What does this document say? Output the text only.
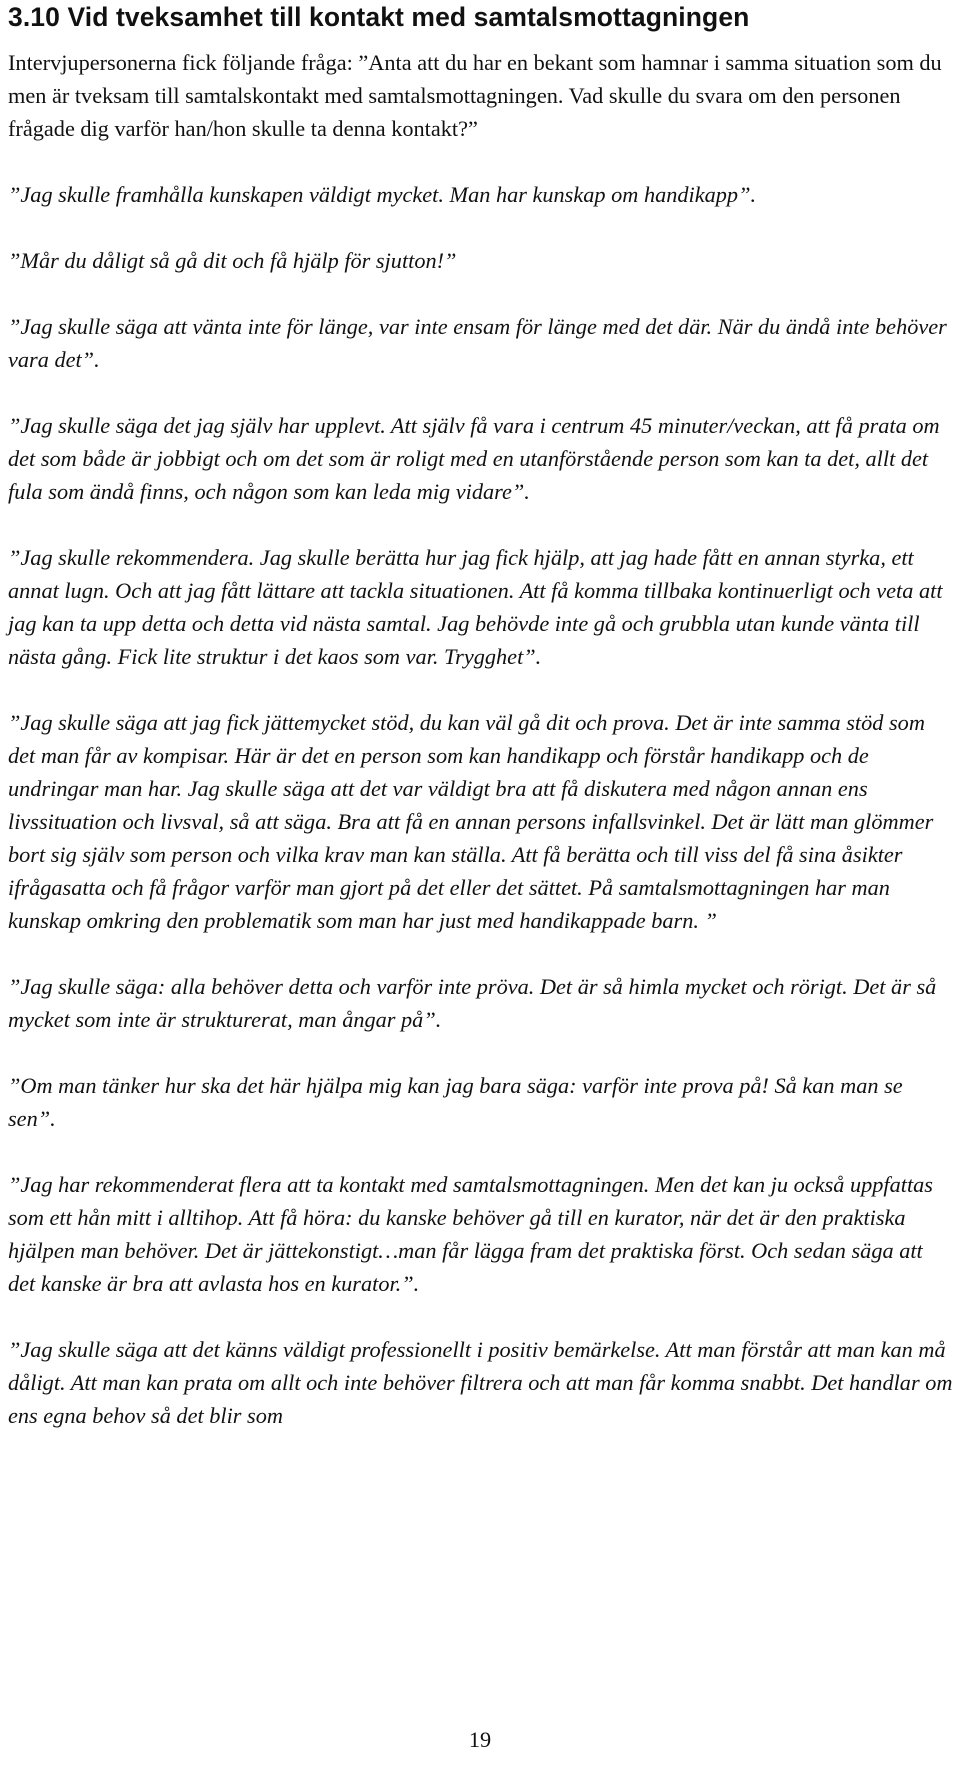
3.10 Vid tveksamhet till kontakt med samtalsmottagningen

Intervjupersonerna fick följande fråga: ”Anta att du har en bekant som hamnar i samma situation som du men är tveksam till samtalskontakt med samtalsmottagningen. Vad skulle du svara om den personen frågade dig varför han/hon skulle ta denna kontakt?”

”Jag skulle framhålla kunskapen väldigt mycket. Man har kunskap om handikapp”.

”Mår du dåligt så gå dit och få hjälp för sjutton!”

”Jag skulle säga att vänta inte för länge, var inte ensam för länge med det där. När du ändå inte behöver vara det”.

”Jag skulle säga det jag själv har upplevt. Att själv få vara i centrum 45 minuter/veckan, att få prata om det som både är jobbigt och om det som är roligt med en utanförstående person som kan ta det, allt det fula som ändå finns, och någon som kan leda mig vidare”.

”Jag skulle rekommendera. Jag skulle berätta hur jag fick hjälp, att jag hade fått en annan styrka, ett annat lugn. Och att jag fått lättare att tackla situationen. Att få komma tillbaka kontinuerligt och veta att jag kan ta upp detta och detta vid nästa samtal. Jag behövde inte gå och grubbla utan kunde vänta till nästa gång. Fick lite struktur i det kaos som var. Trygghet”.

”Jag skulle säga att jag fick jättemycket stöd, du kan väl gå dit och prova. Det är inte samma stöd som det man får av kompisar. Här är det en person som kan handikapp och förstår handikapp och de undringar man har. Jag skulle säga att det var väldigt bra att få diskutera med någon annan ens livssituation och livsval, så att säga. Bra att få en annan persons infallsvinkel. Det är lätt man glömmer bort sig själv som person och vilka krav man kan ställa. Att få berätta och till viss del få sina åsikter ifrågasatta och få frågor varför man gjort på det eller det sättet. På samtalsmottagningen har man kunskap omkring den problematik som man har just med handikappade barn. ”

”Jag skulle säga: alla behöver detta och varför inte pröva. Det är så himla mycket och rörigt. Det är så mycket som inte är strukturerat, man ångar på”.

”Om man tänker hur ska det här hjälpa mig kan jag bara säga: varför inte prova på! Så kan man se sen”.

”Jag har rekommenderat flera att ta kontakt med samtalsmottagningen. Men det kan ju också uppfattas som ett hån mitt i alltihop. Att få höra: du kanske behöver gå till en kurator, när det är den praktiska hjälpen man behöver. Det är jättekonstigt…man får lägga fram det praktiska först. Och sedan säga att det kanske är bra att avlasta hos en kurator.”.

”Jag skulle säga att det känns väldigt professionellt i positiv bemärkelse. Att man förstår att man kan må dåligt. Att man kan prata om allt och inte behöver filtrera och att man får komma snabbt. Det handlar om ens egna behov så det blir som

19
